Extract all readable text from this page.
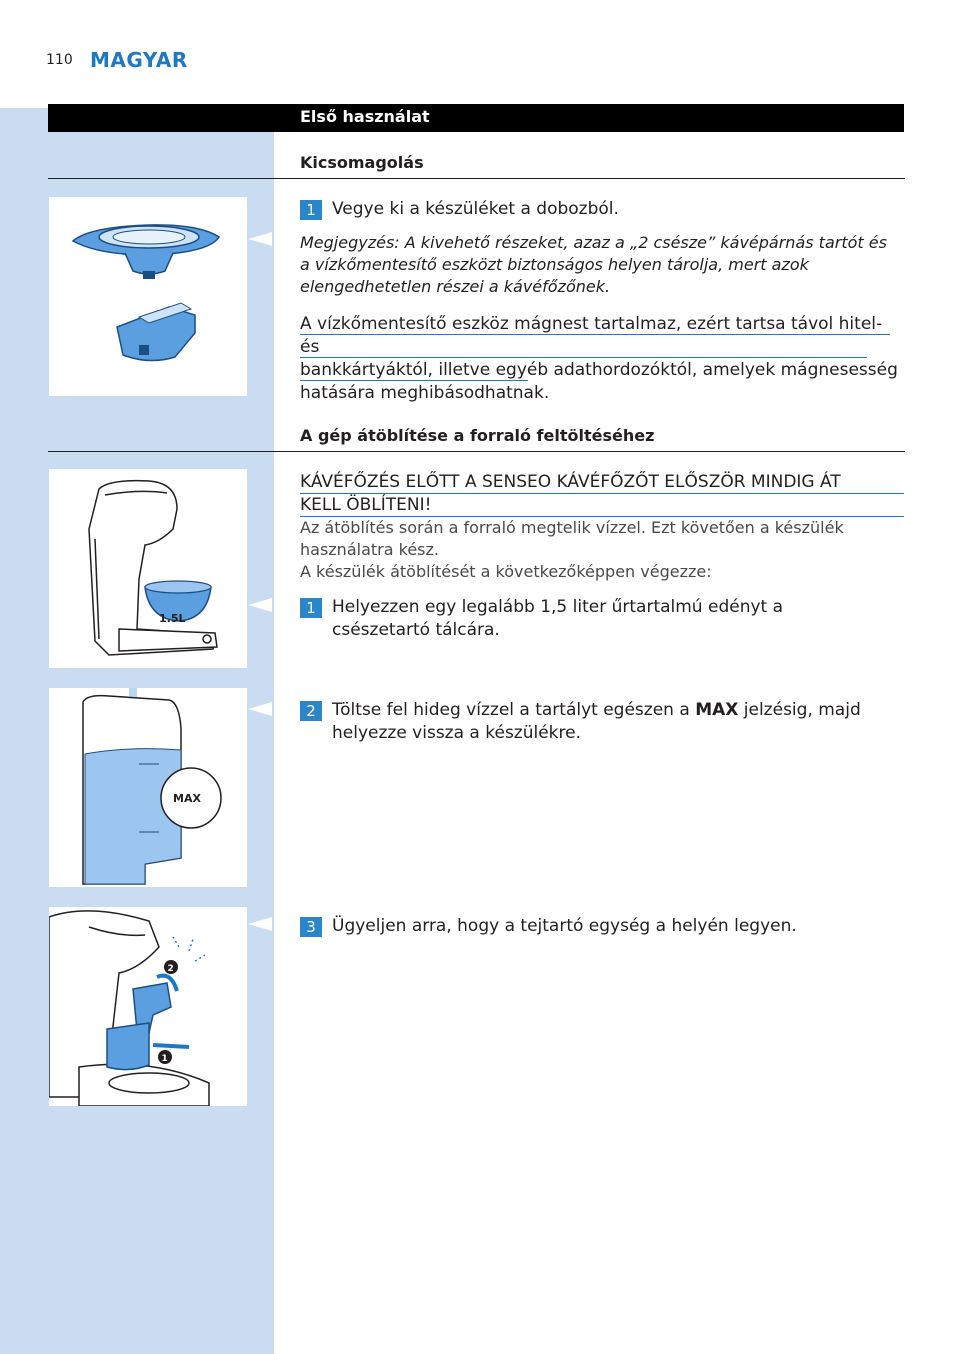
110 MAGYAR
Első használat
Kicsomagolás
1 Vegye ki a készüléket a dobozból.
Megjegyzés: A kivehető részeket, azaz a „2 csésze” kávépárnás tartót és a vízkőmentesítő eszközt biztonságos helyen tárolja, mert azok elengedhetetlen részei a kávéfőzőnek.
A vízkőmentesítő eszköz mágnest tartalmaz, ezért tartsa távol hitel- és
bankkártyáktól, illetve egyéb adathordozóktól, amelyek mágnesesség
hatására meghibásodhatnak.
A gép átöblítése a forraló feltöltéséhez
1.5L
KÁVÉFŐZÉS ELŐTT A SENSEO KÁVÉFŐZŐT ELŐSZÖR MINDIG ÁT
KELL ÖBLÍTENI!
Az átöblítés során a forraló megtelik vízzel. Ezt követően a készülék
használatra kész.
A készülék átöblítését a következőképpen végezze:
1 Helyezzen egy legalább 1,5 liter űrtartalmú edényt a csészetartó tálcára.
MAX
2 Töltse fel hideg vízzel a tartályt egészen a MAX jelzésig, majd helyezze vissza a készülékre.
2
1
3 Ügyeljen arra, hogy a tejtartó egység a helyén legyen.
